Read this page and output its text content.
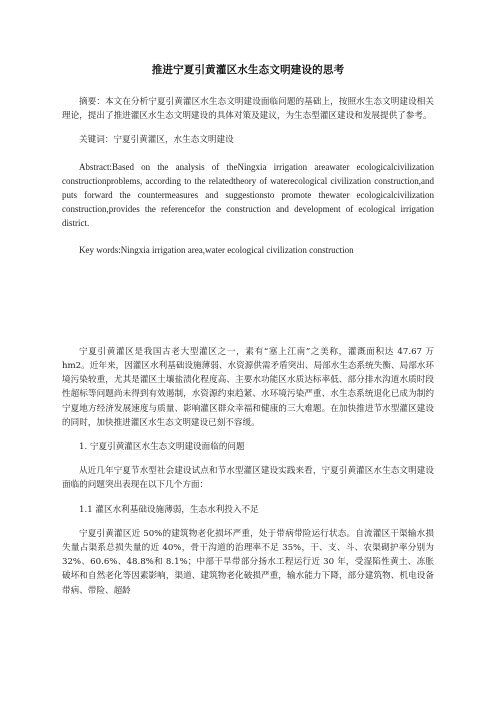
推进宁夏引黄灌区水生态文明建设的思考

摘要：本文在分析宁夏引黄灌区水生态文明建设面临问题的基础上，按照水生态文明建设相关理论，提出了推进灌区水生态文明建设的具体对策及建议，为生态型灌区建设和发展提供了参考。

关键词：宁夏引黄灌区，水生态文明建设

Abstract:Based on the analysis of theNingxia irrigation areawater ecologicalcivilization constructionproblems, according to the relatedtheory of waterecological civilization construction,and puts forward the countermeasures and suggestionsto promote thewater ecologicalcivilization construction,provides the referencefor the construction and development of ecological irrigation district.

Key words:Ningxia irrigation area,water ecological civilization construction

宁夏引黄灌区是我国古老大型灌区之一，素有“塞上江南”之美称，灌溉面积达 47.67 万 hm2。近年来，因灌区水利基础设施薄弱、水资源供需矛盾突出、局部水生态系统失衡、局部水环境污染较重，尤其是灌区土壤盐渍化程度高、主要水功能区水质达标率低、部分排水沟道水质时段性超标等问题尚未得到有效遏制，水资源约束趋紧、水环境污染严重、水生态系统退化已成为制约宁夏地方经济发展速度与质量、影响灌区群众幸福和健康的三大难题。在加快推进节水型灌区建设的同时，加快推进灌区水生态文明建设已刻不容缓。

1. 宁夏引黄灌区水生态文明建设面临的问题

从近几年宁夏节水型社会建设试点和节水型灌区建设实践来看，宁夏引黄灌区水生态文明建设面临的问题突出表现在以下几个方面：

1.1 灌区水利基础设施薄弱，生态水利投入不足

宁夏引黄灌区近 50%的建筑物老化损坏严重，处于带病带险运行状态。自流灌区干渠输水损失量占渠系总损失量的近 40%，骨干沟道的治理率不足 35%，干、支、斗、农渠砌护率分别为 32%、60.6%、48.8%和 8.1%；中部干旱带部分扬水工程运行近 30 年，受湿陷性黄土、冻胀破坏和自然老化等因素影响，渠道、建筑物老化破损严重，输水能力下降，部分建筑物、机电设备带病、带险、超龄
